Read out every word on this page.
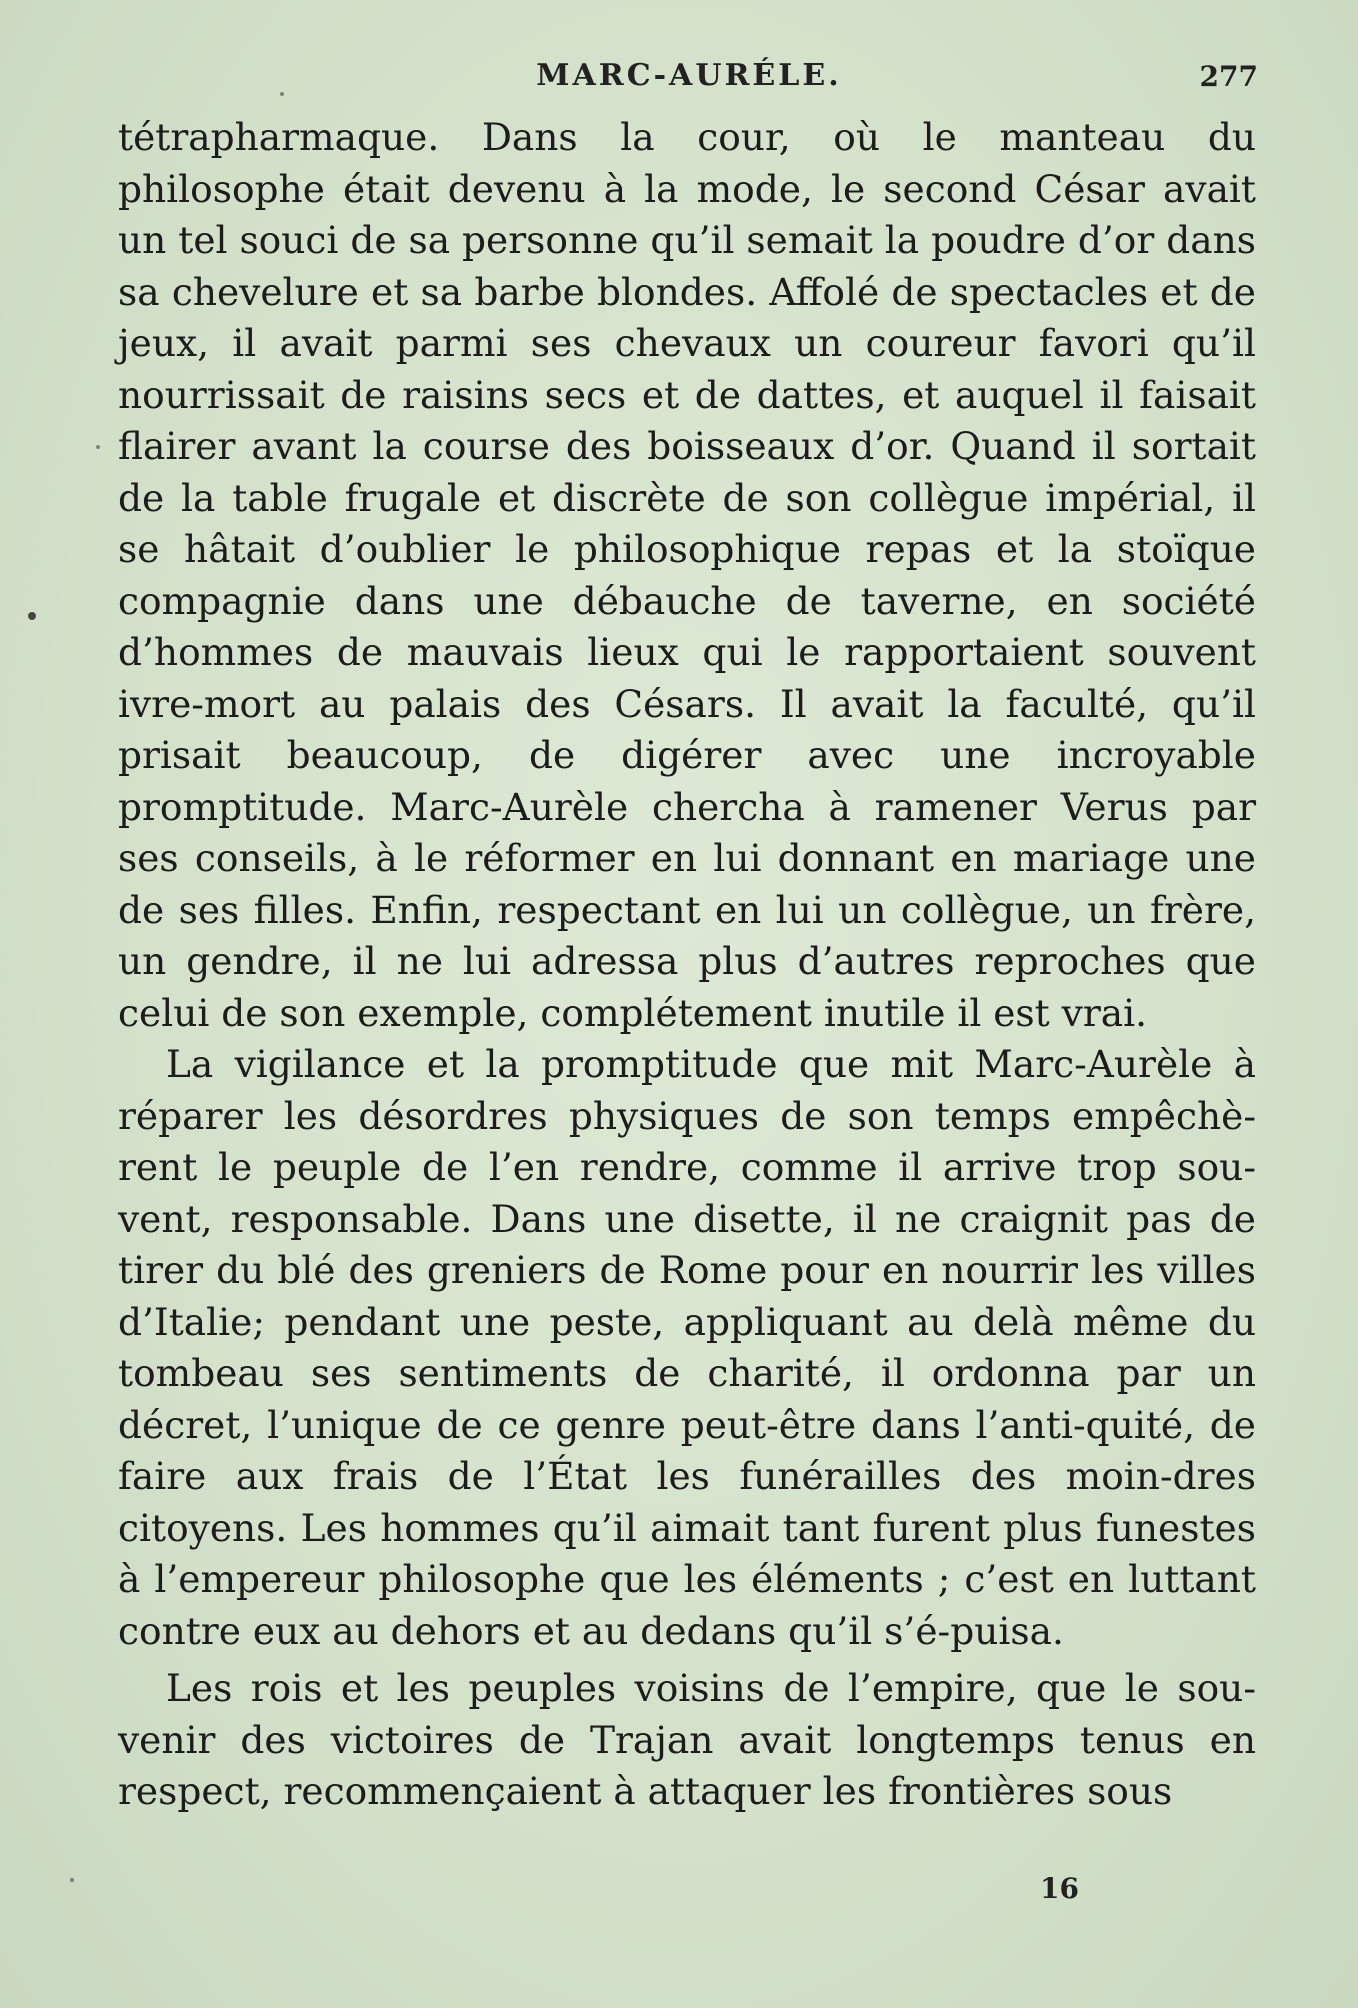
MARC-AURÉLE.	277

tétrapharmaque. Dans la cour, où le manteau du philosophe était devenu à la mode, le second César avait un tel souci de sa personne qu’il semait la poudre d’or dans sa chevelure et sa barbe blondes. Affolé de spectacles et de jeux, il avait parmi ses chevaux un coureur favori qu’il nourrissait de raisins secs et de dattes, et auquel il faisait flairer avant la course des boisseaux d’or. Quand il sortait de la table frugale et discrète de son collègue impérial, il se hâtait d’oublier le philosophique repas et la stoïque compagnie dans une débauche de taverne, en société d’hommes de mauvais lieux qui le rapportaient souvent ivre-mort au palais des Césars. Il avait la faculté, qu’il prisait beaucoup, de digérer avec une incroyable promptitude. Marc-Aurèle chercha à ramener Verus par ses conseils, à le réformer en lui donnant en mariage une de ses filles. Enfin, respectant en lui un collègue, un frère, un gendre, il ne lui adressa plus d’autres reproches que celui de son exemple, complétement inutile il est vrai.

La vigilance et la promptitude que mit Marc-Aurèle à réparer les désordres physiques de son temps empêchè-rent le peuple de l’en rendre, comme il arrive trop sou-vent, responsable. Dans une disette, il ne craignit pas de tirer du blé des greniers de Rome pour en nourrir les villes d’Italie; pendant une peste, appliquant au delà même du tombeau ses sentiments de charité, il ordonna par un décret, l’unique de ce genre peut-être dans l’anti-quité, de faire aux frais de l’État les funérailles des moin-dres citoyens. Les hommes qu’il aimait tant furent plus funestes à l’empereur philosophe que les éléments ; c’est en luttant contre eux au dehors et au dedans qu’il s’é-puisa.

Les rois et les peuples voisins de l’empire, que le sou-venir des victoires de Trajan avait longtemps tenus en respect, recommençaient à attaquer les frontières sous

16
